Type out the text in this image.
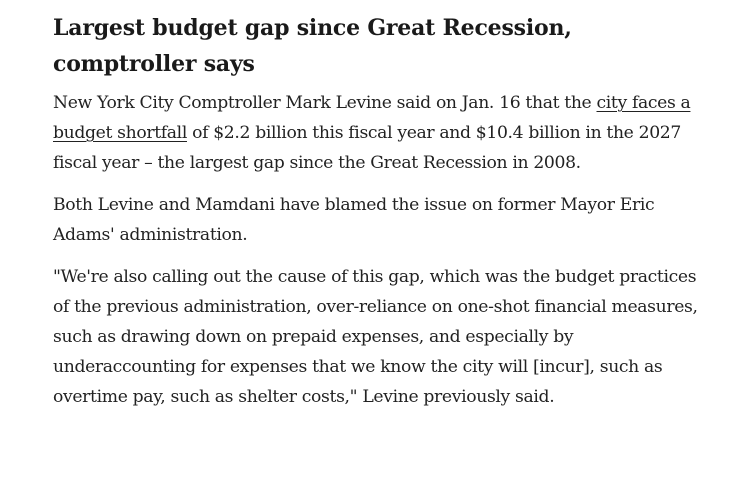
Largest budget gap since Great Recession, comptroller says

New York City Comptroller Mark Levine said on Jan. 16 that the city faces a budget shortfall of $2.2 billion this fiscal year and $10.4 billion in the 2027 fiscal year – the largest gap since the Great Recession in 2008.

Both Levine and Mamdani have blamed the issue on former Mayor Eric Adams' administration.

"We're also calling out the cause of this gap, which was the budget practices of the previous administration, over-reliance on one-shot financial measures, such as drawing down on prepaid expenses, and especially by underaccounting for expenses that we know the city will [incur], such as overtime pay, such as shelter costs," Levine previously said.
